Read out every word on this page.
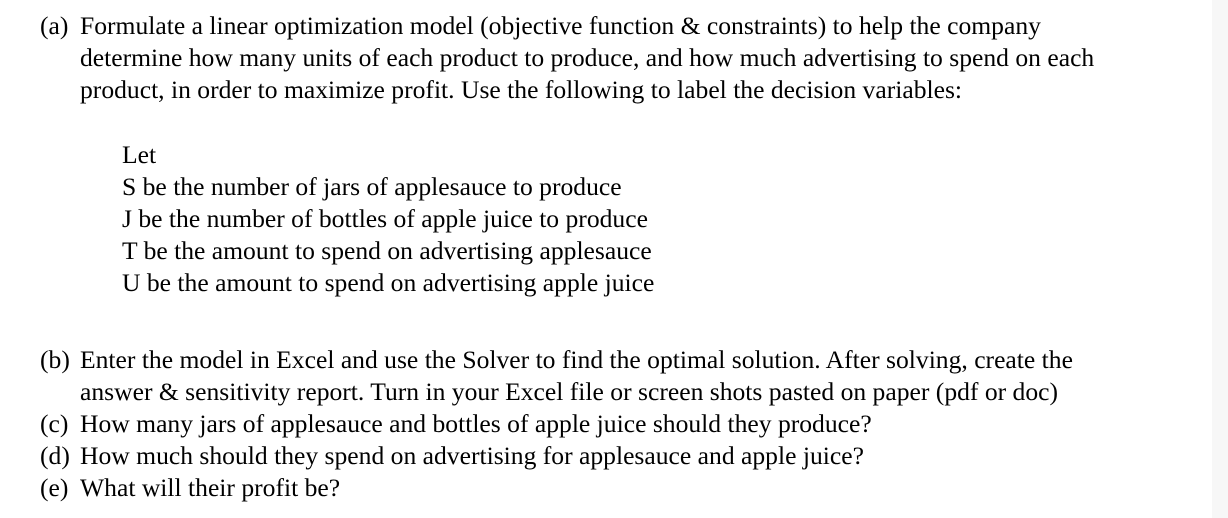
(a) Formulate a linear optimization model (objective function & constraints) to help the company
determine how many units of each product to produce, and how much advertising to spend on each
product, in order to maximize profit. Use the following to label the decision variables:
Let
S be the number of jars of applesauce to produce
J be the number of bottles of apple juice to produce
T be the amount to spend on advertising applesauce
U be the amount to spend on advertising apple juice
(b) Enter the model in Excel and use the Solver to find the optimal solution. After solving, create the
answer & sensitivity report. Turn in your Excel file or screen shots pasted on paper (pdf or doc)
(c) How many jars of applesauce and bottles of apple juice should they produce?
(d) How much should they spend on advertising for applesauce and apple juice?
(e) What will their profit be?
